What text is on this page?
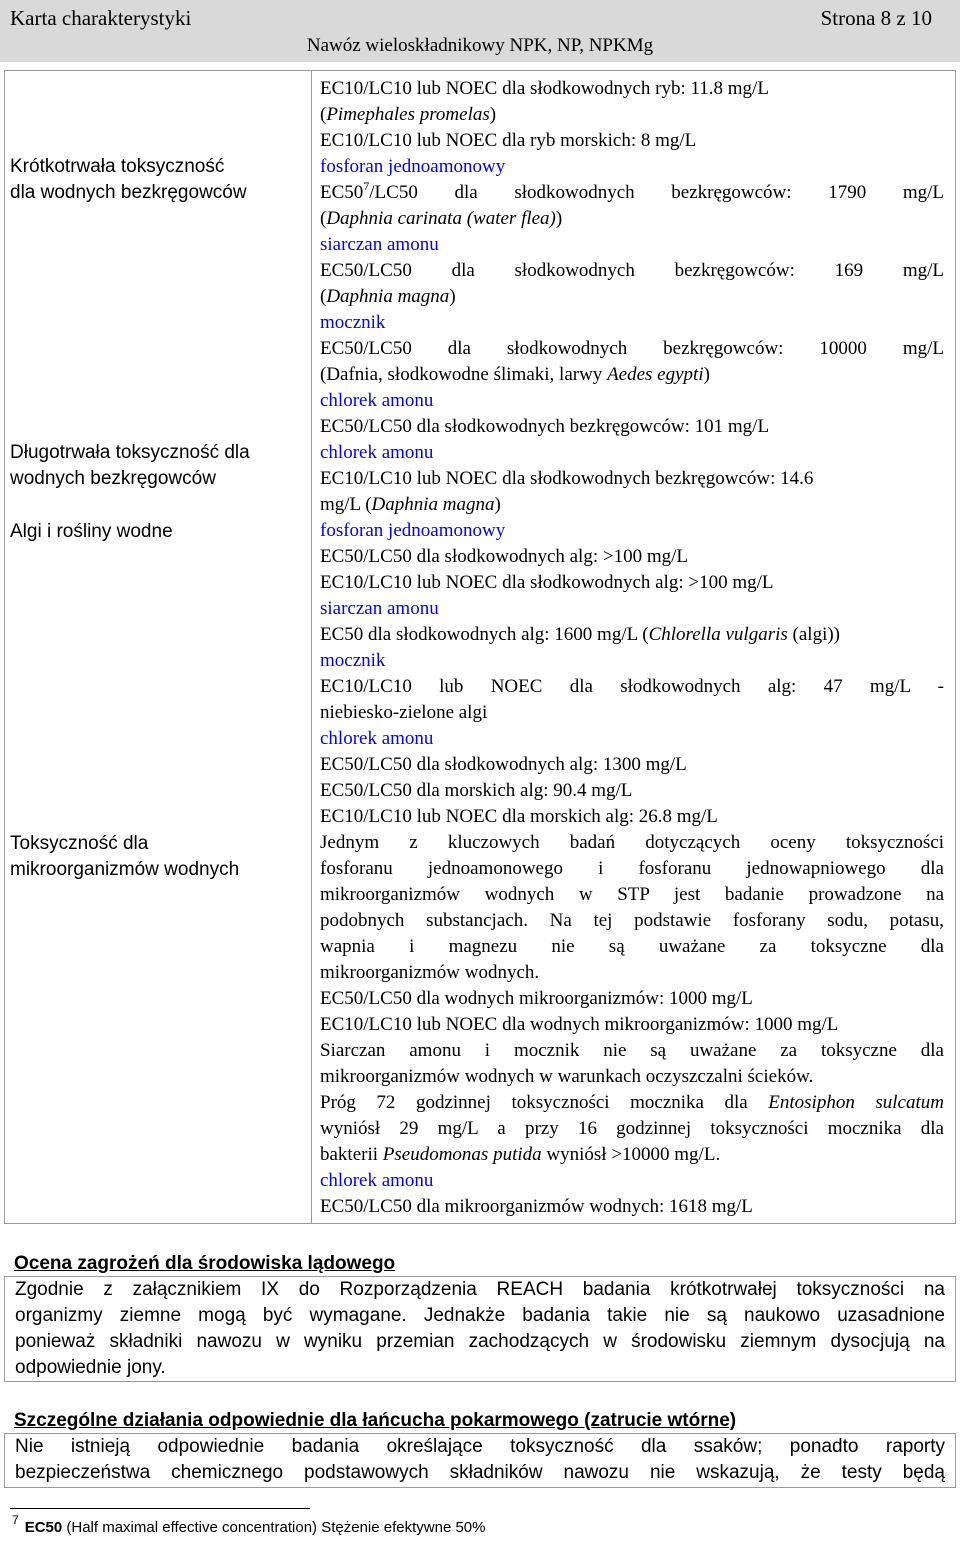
Karta charakterystyki	Strona 8 z 10
Nawóz wieloskładnikowy NPK, NP, NPKMg
Krótkotrwała toksyczność
dla wodnych bezkręgowców
Długotrwała toksyczność dla
wodnych bezkręgowców
Algi i rośliny wodne
Toksyczność dla
mikroorganizmów wodnych
EC10/LC10 lub NOEC dla słodkowodnych ryb: 11.8 mg/L
(Pimephales promelas)
EC10/LC10 lub NOEC dla ryb morskich: 8 mg/L
fosforan jednoamonowy
$EC50^7/LC50$ dla słodkowodnych bezkręgowców: 1790 mg/L
(Daphnia carinata (water flea))
siarczan amonu
EC50/LC50 dla słodkowodnych bezkręgowców: 169 mg/L
(Daphnia magna)
mocznik
EC50/LC50 dla słodkowodnych bezkręgowców: 10000 mg/L
(Dafnia, słodkowodne ślimaki, larwy Aedes egypti)
chlorek amonu
EC50/LC50 dla słodkowodnych bezkręgowców: 101 mg/L
chlorek amonu
EC10/LC10 lub NOEC dla słodkowodnych bezkręgowców: 14.6
mg/L (Daphnia magna)
fosforan jednoamonowy
EC50/LC50 dla słodkowodnych alg: >100 mg/L
EC10/LC10 lub NOEC dla słodkowodnych alg: >100 mg/L
siarczan amonu
EC50 dla słodkowodnych alg: 1600 mg/L (Chlorella vulgaris (algi))
mocznik
EC10/LC10 lub NOEC dla słodkowodnych alg: 47 mg/L -
niebiesko-zielone algi
chlorek amonu
EC50/LC50 dla słodkowodnych alg: 1300 mg/L
EC50/LC50 dla morskich alg: 90.4 mg/L
EC10/LC10 lub NOEC dla morskich alg: 26.8 mg/L
Jednym z kluczowych badań dotyczących oceny toksyczności
fosforanu jednoamonowego i fosforanu jednowapniowego dla
mikroorganizmów wodnych w STP jest badanie prowadzone na
podobnych substancjach. Na tej podstawie fosforany sodu, potasu,
wapnia i magnezu nie są uważane za toksyczne dla
mikroorganizmów wodnych.
EC50/LC50 dla wodnych mikroorganizmów: 1000 mg/L
EC10/LC10 lub NOEC dla wodnych mikroorganizmów: 1000 mg/L
Siarczan amonu i mocznik nie są uważane za toksyczne dla
mikroorganizmów wodnych w warunkach oczyszczalni ścieków.
Próg 72 godzinnej toksyczności mocznika dla Entosiphon sulcatum
wyniósł 29 mg/L a przy 16 godzinnej toksyczności mocznika dla
bakterii Pseudomonas putida wyniósł >10000 mg/L.
chlorek amonu
EC50/LC50 dla mikroorganizmów wodnych: 1618 mg/L
Ocena zagrożeń dla środowiska lądowego
Zgodnie z załącznikiem IX do Rozporządzenia REACH badania krótkotrwałej toksyczności na
organizmy ziemne mogą być wymagane. Jednakże badania takie nie są naukowo uzasadnione
ponieważ składniki nawozu w wyniku przemian zachodzących w środowisku ziemnym dysocjują na
odpowiednie jony.
Szczególne działania odpowiednie dla łańcucha pokarmowego (zatrucie wtórne)
Nie istnieją odpowiednie badania określające toksyczność dla ssaków; ponadto raporty
bezpieczeństwa chemicznego podstawowych składników nawozu nie wskazują, że testy będą
$^7$ EC50 (Half maximal effective concentration) Stężenie efektywne 50%
